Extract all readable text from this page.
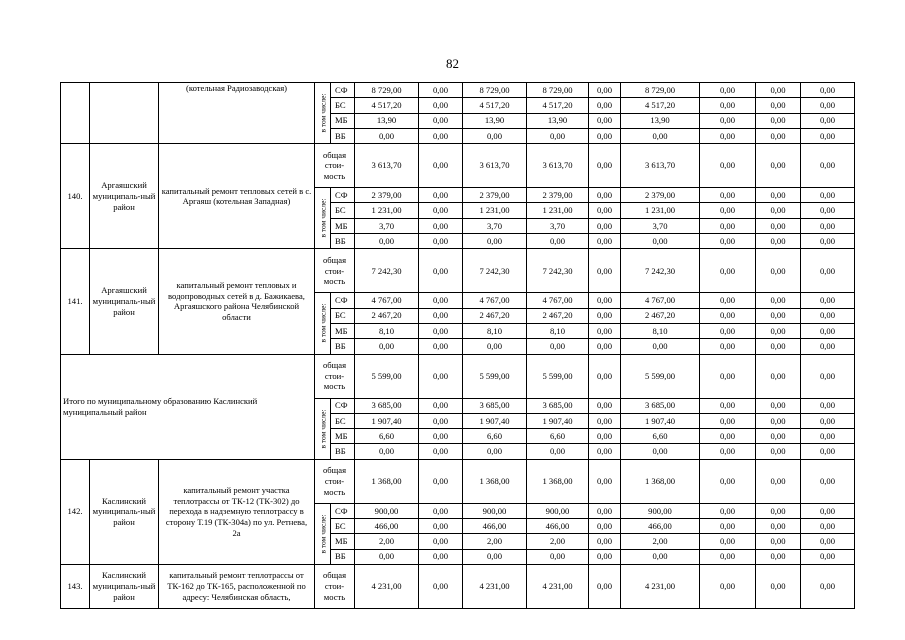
82
		(котельная Радиозаводская)	в том числе:	СФ	8 729,00	0,00	8 729,00	8 729,00	0,00	8 729,00	0,00	0,00	0,00
				БС	4 517,20	0,00	4 517,20	4 517,20	0,00	4 517,20	0,00	0,00	0,00
				МБ	13,90	0,00	13,90	13,90	0,00	13,90	0,00	0,00	0,00
				ВБ	0,00	0,00	0,00	0,00	0,00	0,00	0,00	0,00	0,00
140.	Аргаяшский муниципаль-ный район	капитальный ремонт тепловых сетей в с. Аргаяш (котельная Западная)	общая стои-мость		3 613,70	0,00	3 613,70	3 613,70	0,00	3 613,70	0,00	0,00	0,00

			в том числе:	СФ	2 379,00	0,00	2 379,00	2 379,00	0,00	2 379,00	0,00	0,00	0,00
				БС	1 231,00	0,00	1 231,00	1 231,00	0,00	1 231,00	0,00	0,00	0,00
				МБ	3,70	0,00	3,70	3,70	0,00	3,70	0,00	0,00	0,00
				ВБ	0,00	0,00	0,00	0,00	0,00	0,00	0,00	0,00	0,00
141.	Аргаяшский муниципаль-ный район	капитальный ремонт тепловых и водопроводных сетей в д. Бажикаева, Аргаяшского района Челябинской области	общая стои-мость		7 242,30	0,00	7 242,30	7 242,30	0,00	7 242,30	0,00	0,00	0,00

			в том числе:	СФ	4 767,00	0,00	4 767,00	4 767,00	0,00	4 767,00	0,00	0,00	0,00
				БС	2 467,20	0,00	2 467,20	2 467,20	0,00	2 467,20	0,00	0,00	0,00
				МБ	8,10	0,00	8,10	8,10	0,00	8,10	0,00	0,00	0,00
				ВБ	0,00	0,00	0,00	0,00	0,00	0,00	0,00	0,00	0,00
Итого по муниципальному образованию Каслинский муниципальный район			общая стои-мость		5 599,00	0,00	5 599,00	5 599,00	0,00	5 599,00	0,00	0,00	0,00

			в том числе:	СФ	3 685,00	0,00	3 685,00	3 685,00	0,00	3 685,00	0,00	0,00	0,00
				БС	1 907,40	0,00	1 907,40	1 907,40	0,00	1 907,40	0,00	0,00	0,00
				МБ	6,60	0,00	6,60	6,60	0,00	6,60	0,00	0,00	0,00
				ВБ	0,00	0,00	0,00	0,00	0,00	0,00	0,00	0,00	0,00
142.	Каслинский муниципаль-ный район	капитальный ремонт участка теплотрассы от ТК-12 (ТК-302) до перехода в надземную теплотрассу в сторону Т.19 (ТК-304а) по ул. Ретнева, 2а	общая стои-мость		1 368,00	0,00	1 368,00	1 368,00	0,00	1 368,00	0,00	0,00	0,00

			в том числе:	СФ	900,00	0,00	900,00	900,00	0,00	900,00	0,00	0,00	0,00
				БС	466,00	0,00	466,00	466,00	0,00	466,00	0,00	0,00	0,00
				МБ	2,00	0,00	2,00	2,00	0,00	2,00	0,00	0,00	0,00
				ВБ	0,00	0,00	0,00	0,00	0,00	0,00	0,00	0,00	0,00
143.	Каслинский муниципаль-ный район	капитальный ремонт теплотрассы от ТК-162 до ТК-165, расположенной по адресу: Челябинская область,	общая стои-мость		4 231,00	0,00	4 231,00	4 231,00	0,00	4 231,00	0,00	0,00	0,00
